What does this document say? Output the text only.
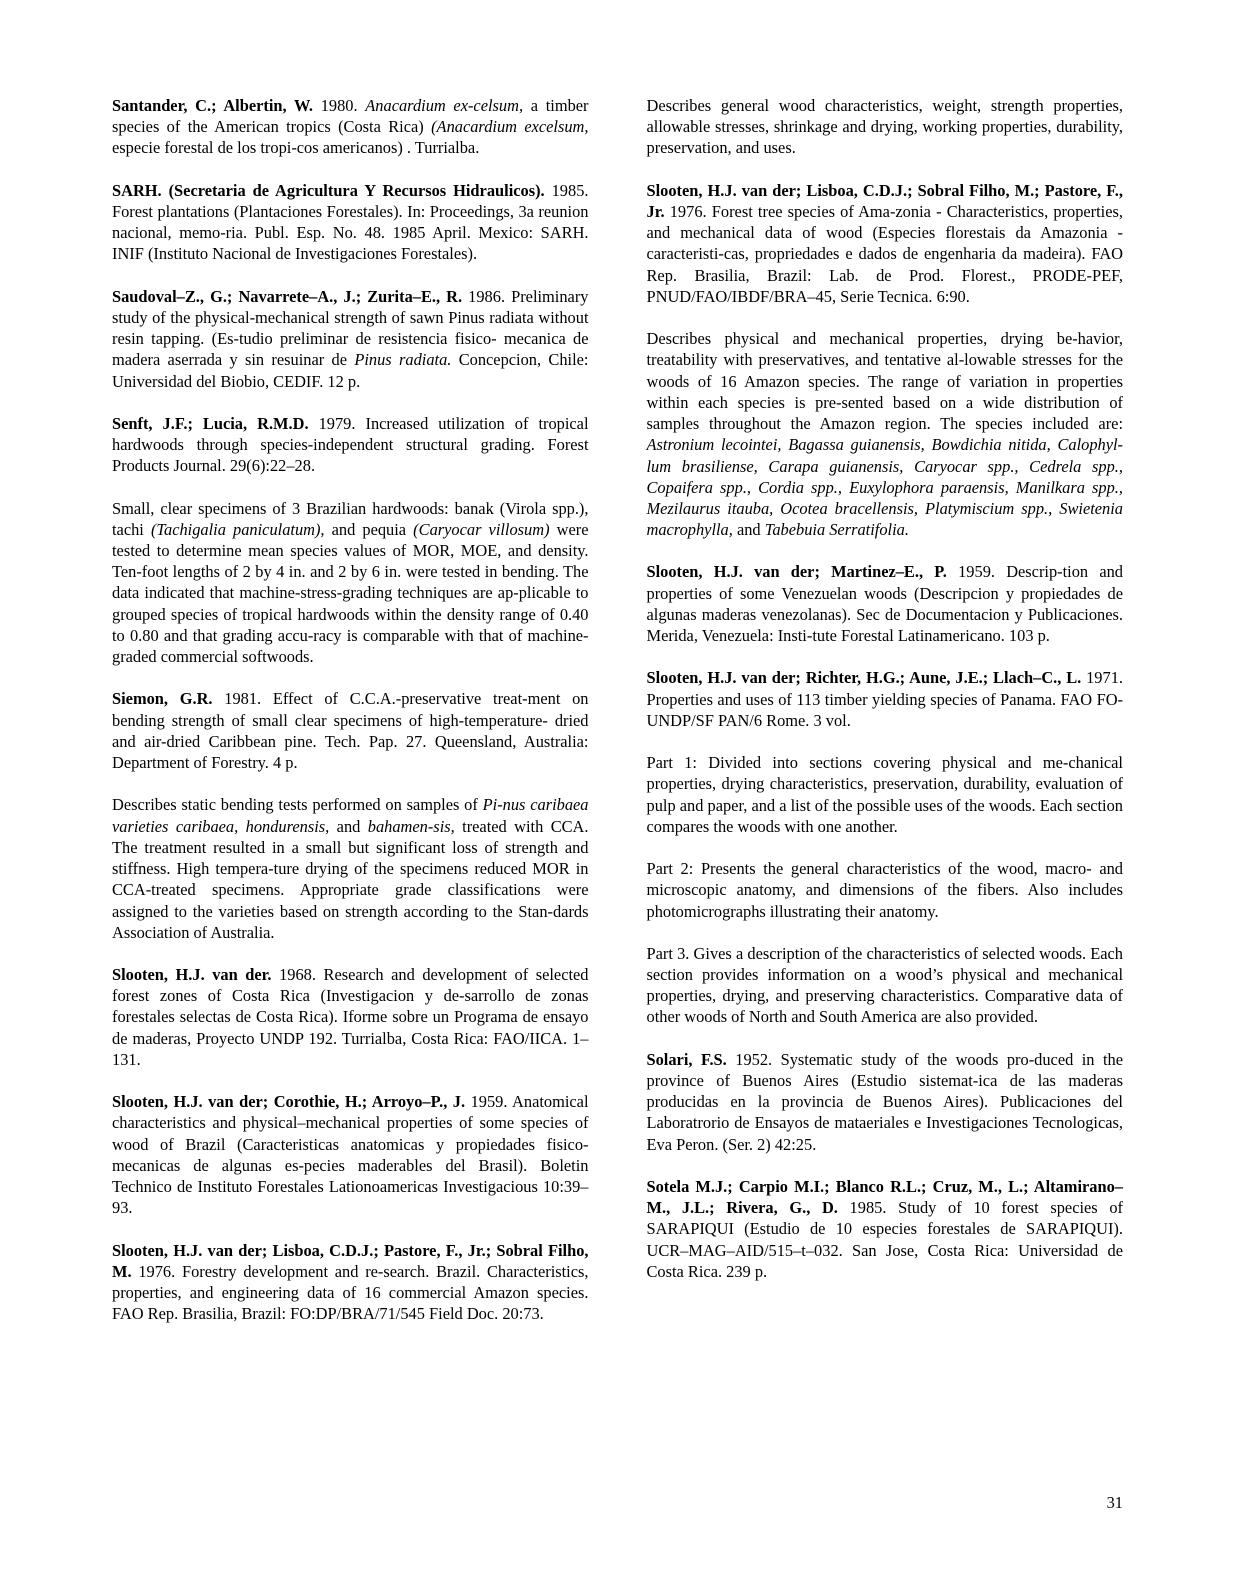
Santander, C.; Albertin, W. 1980. Anacardium ex-celsum, a timber species of the American tropics (Costa Rica) (Anacardium excelsum, especie forestal de los tropi-cos americanos) . Turrialba.
SARH. (Secretaria de Agricultura Y Recursos Hidraulicos). 1985. Forest plantations (Plantaciones Forestales). In: Proceedings, 3a reunion nacional, memo-ria. Publ. Esp. No. 48. 1985 April. Mexico: SARH. INIF (Instituto Nacional de Investigaciones Forestales).
Saudoval–Z., G.; Navarrete–A., J.; Zurita–E., R. 1986. Preliminary study of the physical-mechanical strength of sawn Pinus radiata without resin tapping. (Es-tudio preliminar de resistencia fisico- mecanica de madera aserrada y sin resuinar de Pinus radiata. Concepcion, Chile: Universidad del Biobio, CEDIF. 12 p.
Senft, J.F.; Lucia, R.M.D. 1979. Increased utilization of tropical hardwoods through species-independent structural grading. Forest Products Journal. 29(6):22–28.
Small, clear specimens of 3 Brazilian hardwoods: banak (Virola spp.), tachi (Tachigalia paniculatum), and pequia (Caryocar villosum) were tested to determine mean species values of MOR, MOE, and density. Ten-foot lengths of 2 by 4 in. and 2 by 6 in. were tested in bending. The data indicated that machine-stress-grading techniques are ap-plicable to grouped species of tropical hardwoods within the density range of 0.40 to 0.80 and that grading accu-racy is comparable with that of machine-graded commercial softwoods.
Siemon, G.R. 1981. Effect of C.C.A.-preservative treat-ment on bending strength of small clear specimens of high-temperature- dried and air-dried Caribbean pine. Tech. Pap. 27. Queensland, Australia: Department of Forestry. 4 p.
Describes static bending tests performed on samples of Pi-nus caribaea varieties caribaea, hondurensis, and bahamen-sis, treated with CCA. The treatment resulted in a small but significant loss of strength and stiffness. High tempera-ture drying of the specimens reduced MOR in CCA-treated specimens. Appropriate grade classifications were assigned to the varieties based on strength according to the Stan-dards Association of Australia.
Slooten, H.J. van der. 1968. Research and development of selected forest zones of Costa Rica (Investigacion y de-sarrollo de zonas forestales selectas de Costa Rica). Iforme sobre un Programa de ensayo de maderas, Proyecto UNDP 192. Turrialba, Costa Rica: FAO/IICA. 1–131.
Slooten, H.J. van der; Corothie, H.; Arroyo–P., J. 1959. Anatomical characteristics and physical–mechanical properties of some species of wood of Brazil (Caracteristicas anatomicas y propiedades fisico-mecanicas de algunas es-pecies maderables del Brasil). Boletin Technico de Instituto Forestales Lationoamericas Investigacious 10:39–93.
Slooten, H.J. van der; Lisboa, C.D.J.; Pastore, F., Jr.; Sobral Filho, M. 1976. Forestry development and re-search. Brazil. Characteristics, properties, and engineering data of 16 commercial Amazon species. FAO Rep. Brasilia, Brazil: FO:DP/BRA/71/545 Field Doc. 20:73.
Describes general wood characteristics, weight, strength properties, allowable stresses, shrinkage and drying, working properties, durability, preservation, and uses.
Slooten, H.J. van der; Lisboa, C.D.J.; Sobral Filho, M.; Pastore, F., Jr. 1976. Forest tree species of Ama-zonia - Characteristics, properties, and mechanical data of wood (Especies florestais da Amazonia - caracteristi-cas, propriedades e dados de engenharia da madeira). FAO Rep. Brasilia, Brazil: Lab. de Prod. Florest., PRODE-PEF, PNUD/FAO/IBDF/BRA–45, Serie Tecnica. 6:90.
Describes physical and mechanical properties, drying be-havior, treatability with preservatives, and tentative al-lowable stresses for the woods of 16 Amazon species. The range of variation in properties within each species is pre-sented based on a wide distribution of samples throughout the Amazon region. The species included are: Astronium lecointei, Bagassa guianensis, Bowdichia nitida, Calophyl-lum brasiliense, Carapa guianensis, Caryocar spp., Cedrela spp., Copaifera spp., Cordia spp., Euxylophora paraensis, Manilkara spp., Mezilaurus itauba, Ocotea bracellensis, Platymiscium spp., Swietenia macrophylla, and Tabebuia Serratifolia.
Slooten, H.J. van der; Martinez–E., P. 1959. Descrip-tion and properties of some Venezuelan woods (Descripcion y propiedades de algunas maderas venezolanas). Sec de Documentacion y Publicaciones. Merida, Venezuela: Insti-tute Forestal Latinamericano. 103 p.
Slooten, H.J. van der; Richter, H.G.; Aune, J.E.; Llach–C., L. 1971. Properties and uses of 113 timber yielding species of Panama. FAO FO-UNDP/SF PAN/6 Rome. 3 vol.
Part 1: Divided into sections covering physical and me-chanical properties, drying characteristics, preservation, durability, evaluation of pulp and paper, and a list of the possible uses of the woods. Each section compares the woods with one another.
Part 2: Presents the general characteristics of the wood, macro- and microscopic anatomy, and dimensions of the fibers. Also includes photomicrographs illustrating their anatomy.
Part 3. Gives a description of the characteristics of selected woods. Each section provides information on a wood’s physical and mechanical properties, drying, and preserving characteristics. Comparative data of other woods of North and South America are also provided.
Solari, F.S. 1952. Systematic study of the woods pro-duced in the province of Buenos Aires (Estudio sistemat-ica de las maderas producidas en la provincia de Buenos Aires). Publicaciones del Laboratrorio de Ensayos de mataeriales e Investigaciones Tecnologicas, Eva Peron. (Ser. 2) 42:25.
Sotela M.J.; Carpio M.I.; Blanco R.L.; Cruz, M., L.; Altamirano–M., J.L.; Rivera, G., D. 1985. Study of 10 forest species of SARAPIQUI (Estudio de 10 especies forestales de SARAPIQUI). UCR–MAG–AID/515–t–032. San Jose, Costa Rica: Universidad de Costa Rica. 239 p.
31
